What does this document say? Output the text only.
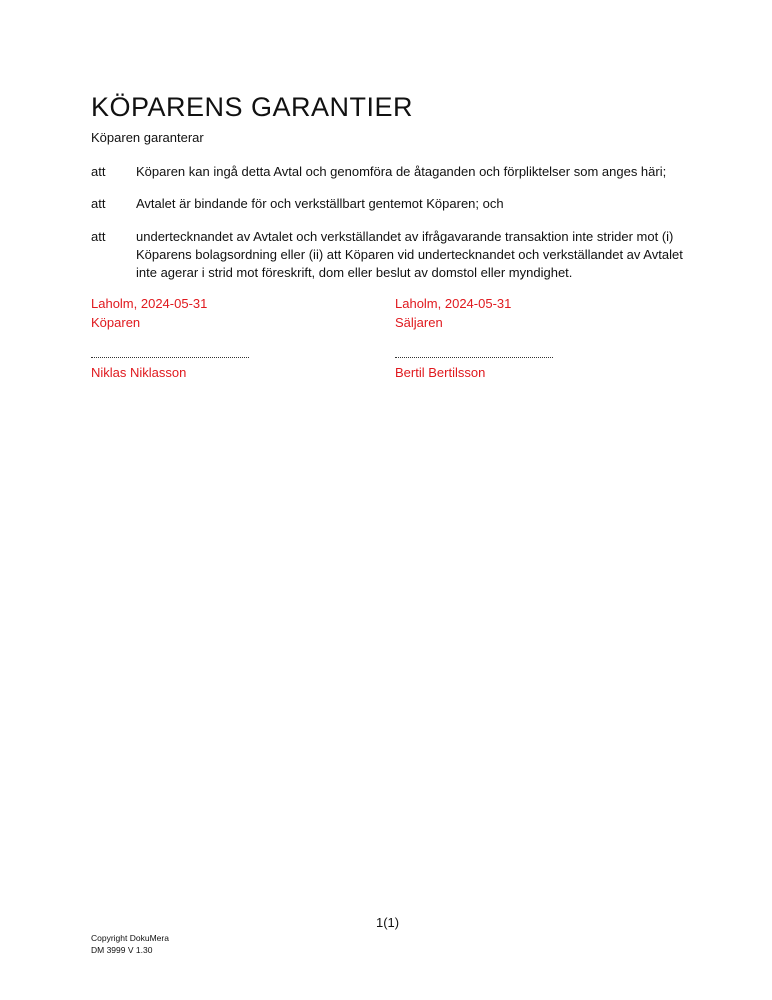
KÖPARENS GARANTIER
Köparen garanterar
att	Köparen kan ingå detta Avtal och genomföra de åtaganden och förpliktelser som anges häri;
att	Avtalet är bindande för och verkställbart gentemot Köparen; och
att	undertecknandet av Avtalet och verkställandet av ifrågavarande transaktion inte strider mot (i) Köparens bolagsordning eller (ii) att Köparen vid undertecknandet och verkställandet av Avtalet inte agerar i strid mot föreskrift, dom eller beslut av domstol eller myndighet.
Laholm, 2024-05-31
Köparen
Niklas Niklasson
Laholm, 2024-05-31
Säljaren
Bertil Bertilsson
1(1)
Copyright DokuMera
DM 3999 V 1.30
